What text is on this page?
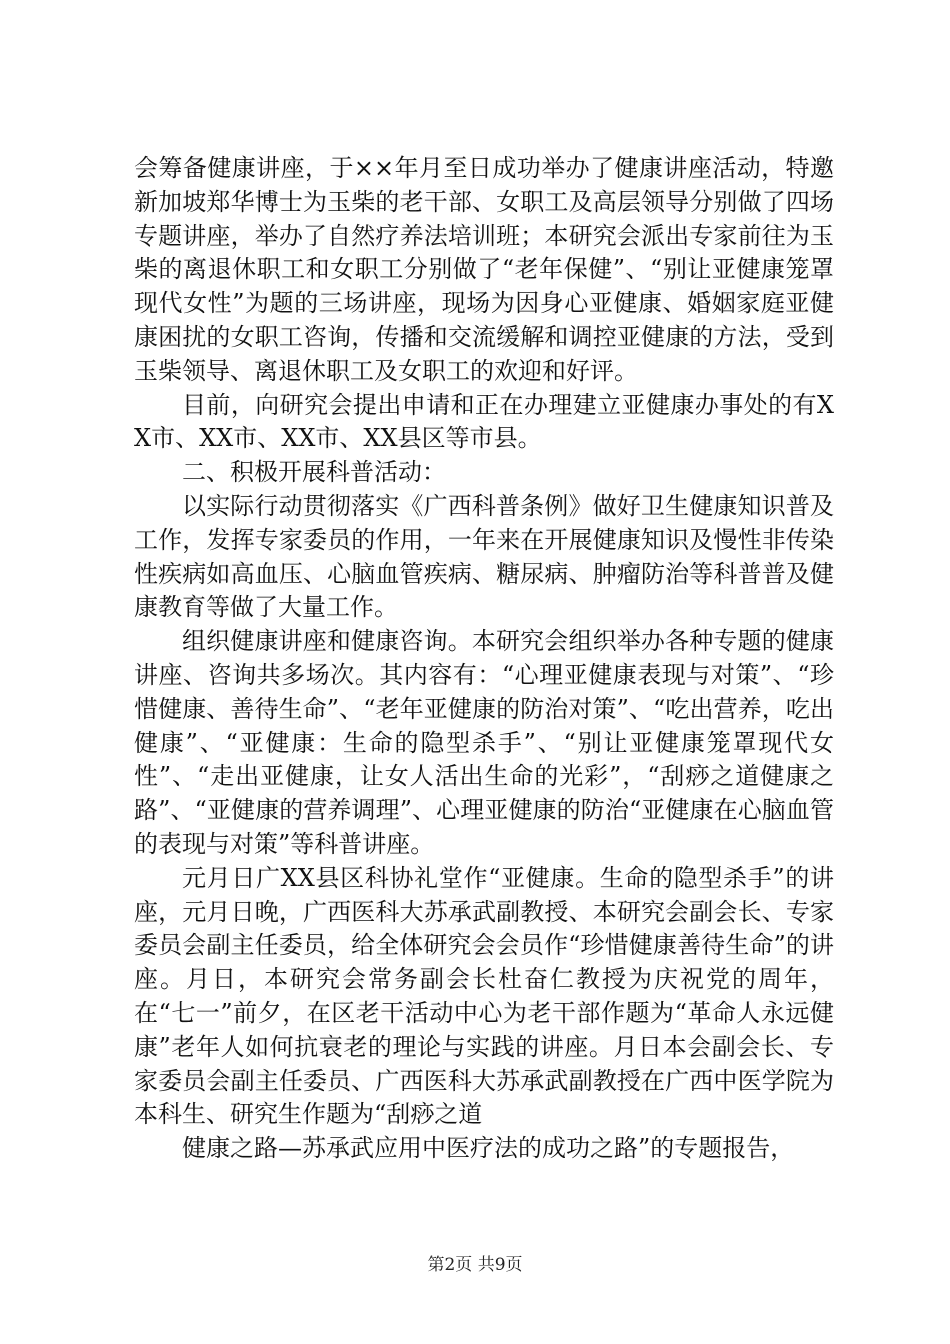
会筹备健康讲座，于××年月至日成功举办了健康讲座活动，特邀新加坡郑华博士为玉柴的老干部、女职工及高层领导分别做了四场专题讲座，举办了自然疗养法培训班；本研究会派出专家前往为玉柴的离退休职工和女职工分别做了“老年保健”、“别让亚健康笼罩现代女性”为题的三场讲座，现场为因身心亚健康、婚姻家庭亚健康困扰的女职工咨询，传播和交流缓解和调控亚健康的方法，受到玉柴领导、离退休职工及女职工的欢迎和好评。

目前，向研究会提出申请和正在办理建立亚健康办事处的有XX市、XX市、XX市、XX县区等市县。

二、积极开展科普活动：

以实际行动贯彻落实《广西科普条例》做好卫生健康知识普及工作，发挥专家委员的作用，一年来在开展健康知识及慢性非传染性疾病如高血压、心脑血管疾病、糖尿病、肿瘤防治等科普普及健康教育等做了大量工作。

组织健康讲座和健康咨询。本研究会组织举办各种专题的健康讲座、咨询共多场次。其内容有：“心理亚健康表现与对策”、“珍惜健康、善待生命”、“老年亚健康的防治对策”、“吃出营养，吃出健康”、“亚健康：生命的隐型杀手”、“别让亚健康笼罩现代女性”、“走出亚健康，让女人活出生命的光彩”，“刮痧之道健康之路”、“亚健康的营养调理”、心理亚健康的防治“亚健康在心脑血管的表现与对策”等科普讲座。

元月日广XX县区科协礼堂作“亚健康。生命的隐型杀手”的讲座，元月日晚，广西医科大苏承武副教授、本研究会副会长、专家委员会副主任委员，给全体研究会会员作“珍惜健康善待生命”的讲座。月日，本研究会常务副会长杜奋仁教授为庆祝党的周年，在“七一”前夕，在区老干活动中心为老干部作题为“革命人永远健康”老年人如何抗衰老的理论与实践的讲座。月日本会副会长、专家委员会副主任委员、广西医科大苏承武副教授在广西中医学院为本科生、研究生作题为“刮痧之道

健康之路—苏承武应用中医疗法的成功之路”的专题报告，

第2页 共9页
